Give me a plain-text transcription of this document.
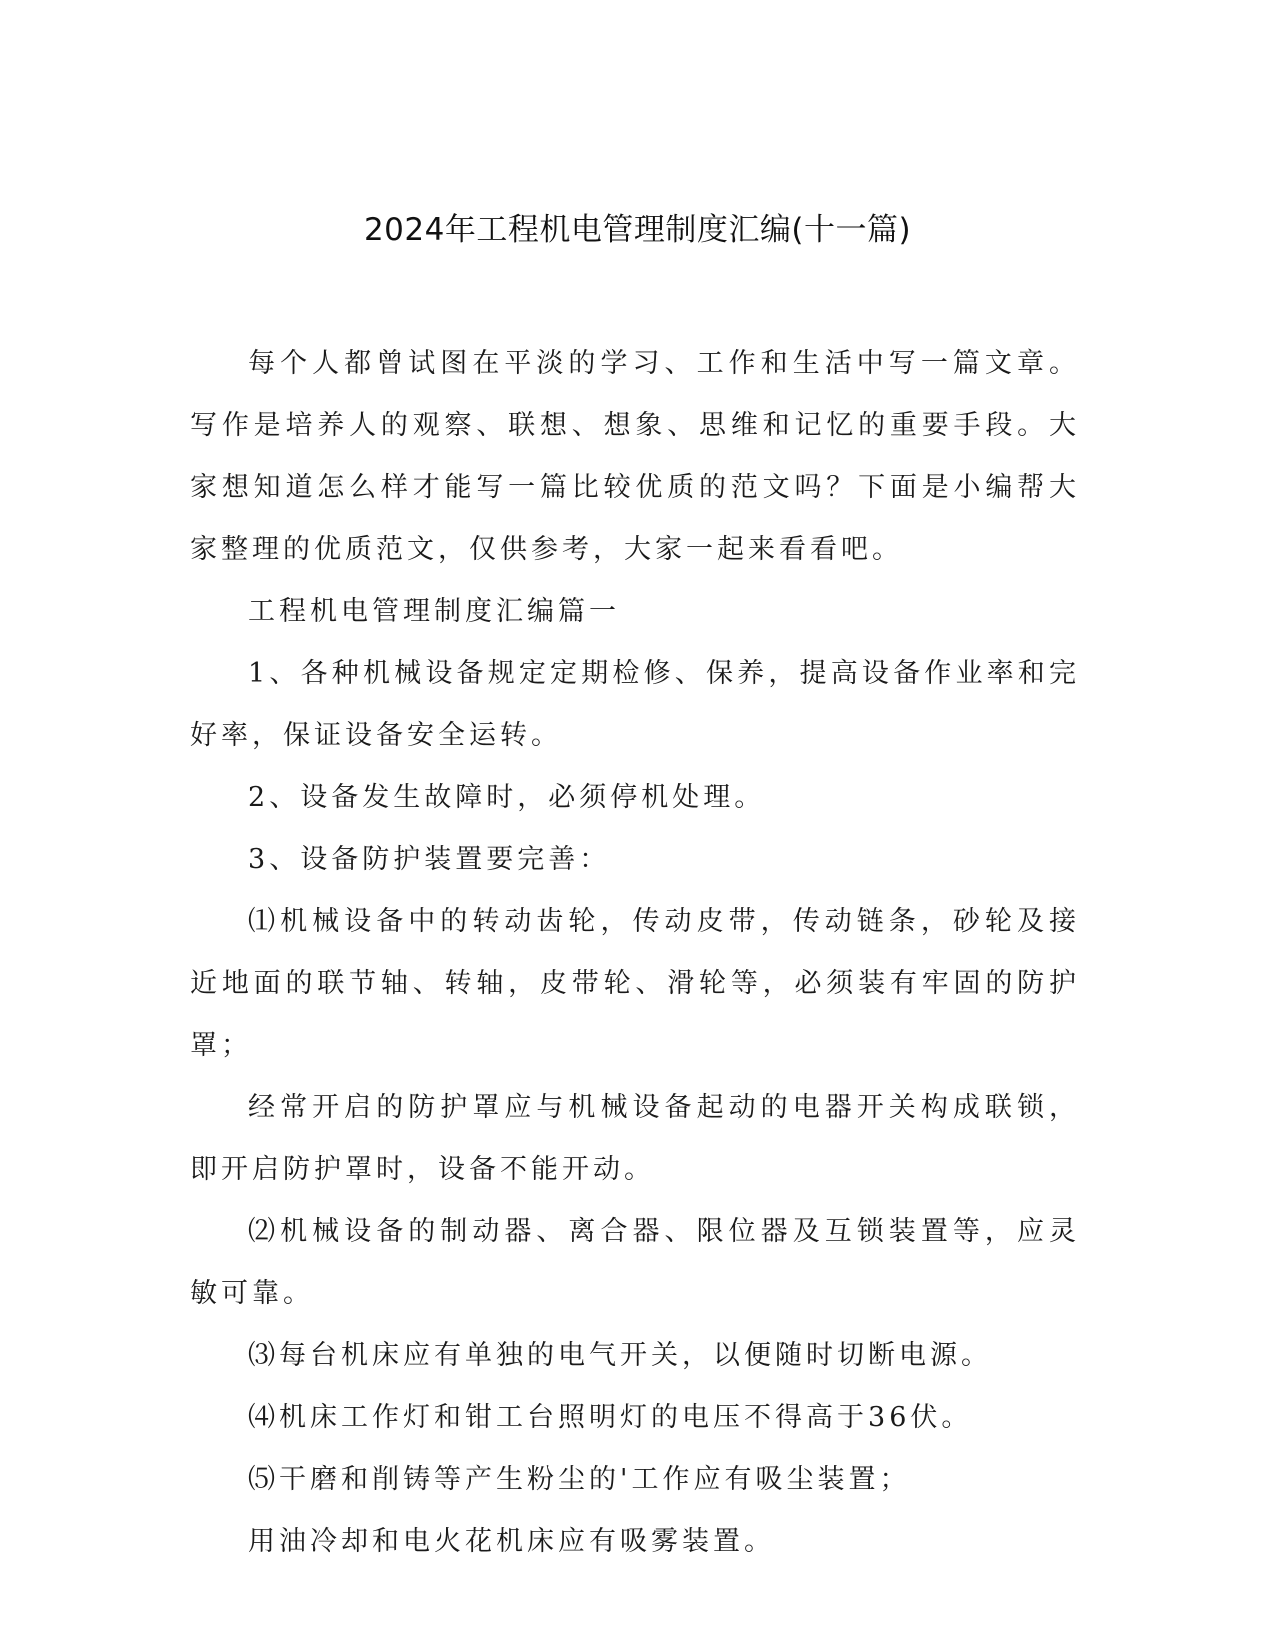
2024年工程机电管理制度汇编(十一篇)

每个人都曾试图在平淡的学习、工作和生活中写一篇文章。写作是培养人的观察、联想、想象、思维和记忆的重要手段。大家想知道怎么样才能写一篇比较优质的范文吗？下面是小编帮大家整理的优质范文，仅供参考，大家一起来看看吧。

工程机电管理制度汇编篇一

1、各种机械设备规定定期检修、保养，提高设备作业率和完好率，保证设备安全运转。

2、设备发生故障时，必须停机处理。

3、设备防护装置要完善：

⑴机械设备中的转动齿轮，传动皮带，传动链条，砂轮及接近地面的联节轴、转轴，皮带轮、滑轮等，必须装有牢固的防护罩；

经常开启的防护罩应与机械设备起动的电器开关构成联锁，即开启防护罩时，设备不能开动。

⑵机械设备的制动器、离合器、限位器及互锁装置等，应灵敏可靠。

⑶每台机床应有单独的电气开关，以便随时切断电源。

⑷机床工作灯和钳工台照明灯的电压不得高于36伏。

⑸干磨和削铸等产生粉尘的'工作应有吸尘装置；

用油冷却和电火花机床应有吸雾装置。
